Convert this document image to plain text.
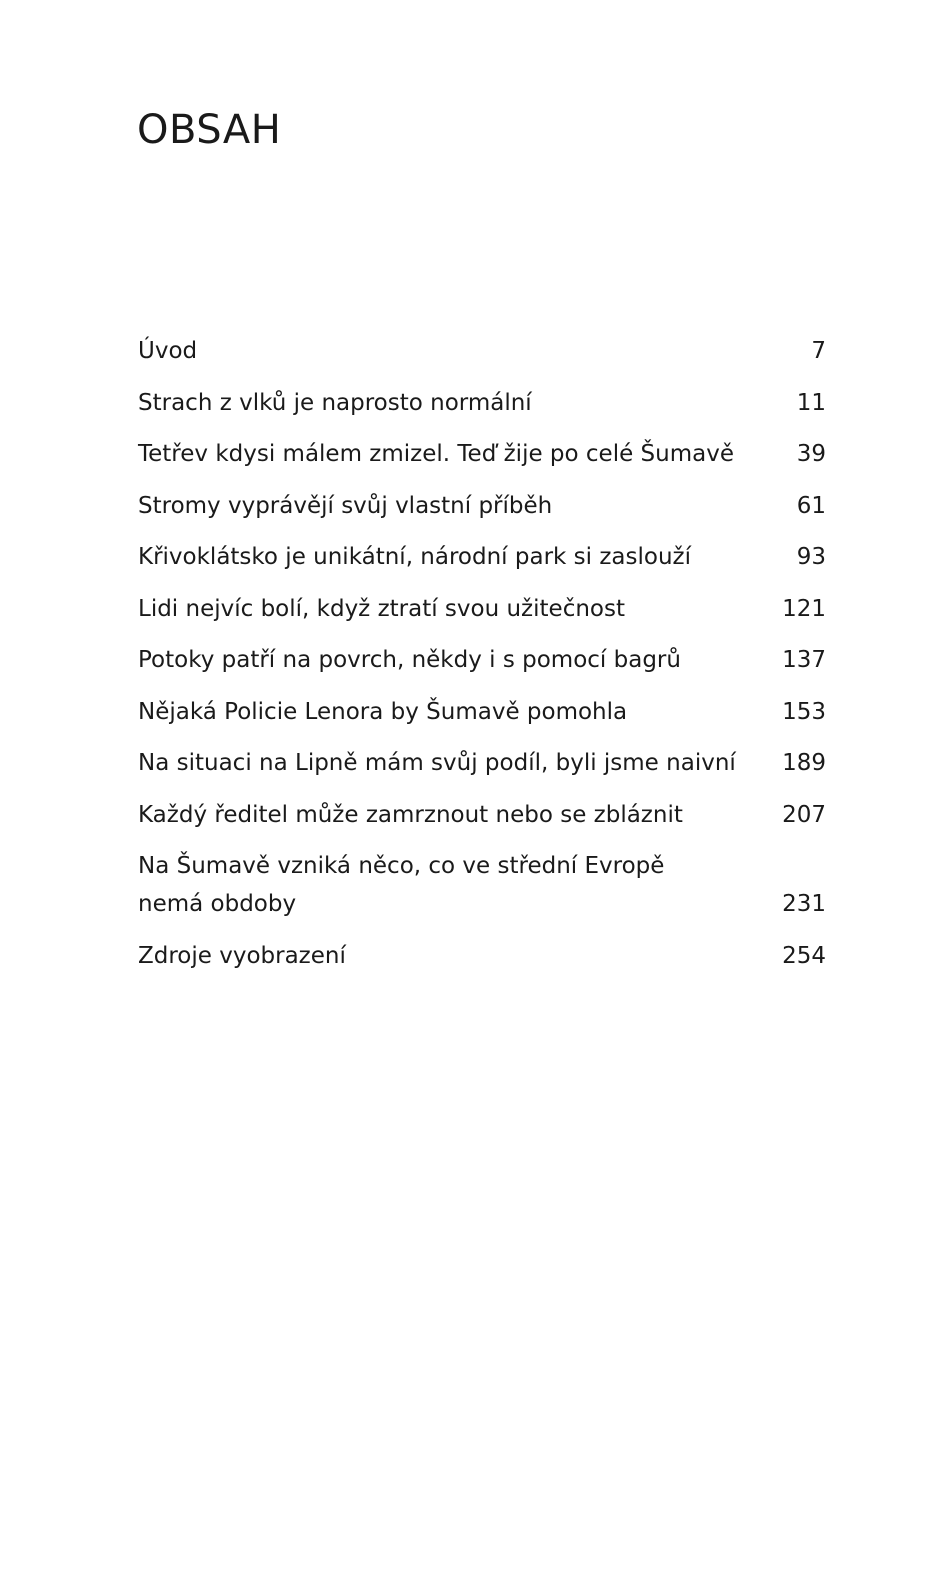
OBSAH
Úvod	7
Strach z vlků je naprosto normální	11
Tetřev kdysi málem zmizel. Teď žije po celé Šumavě	39
Stromy vyprávějí svůj vlastní příběh	61
Křivoklátsko je unikátní, národní park si zaslouží	93
Lidi nejvíc bolí, když ztratí svou užitečnost	121
Potoky patří na povrch, někdy i s pomocí bagrů	137
Nějaká Policie Lenora by Šumavě pomohla	153
Na situaci na Lipně mám svůj podíl, byli jsme naivní	189
Každý ředitel může zamrznout nebo se zbláznit	207
Na Šumavě vzniká něco, co ve střední Evropě nemá obdoby	231
Zdroje vyobrazení	254
